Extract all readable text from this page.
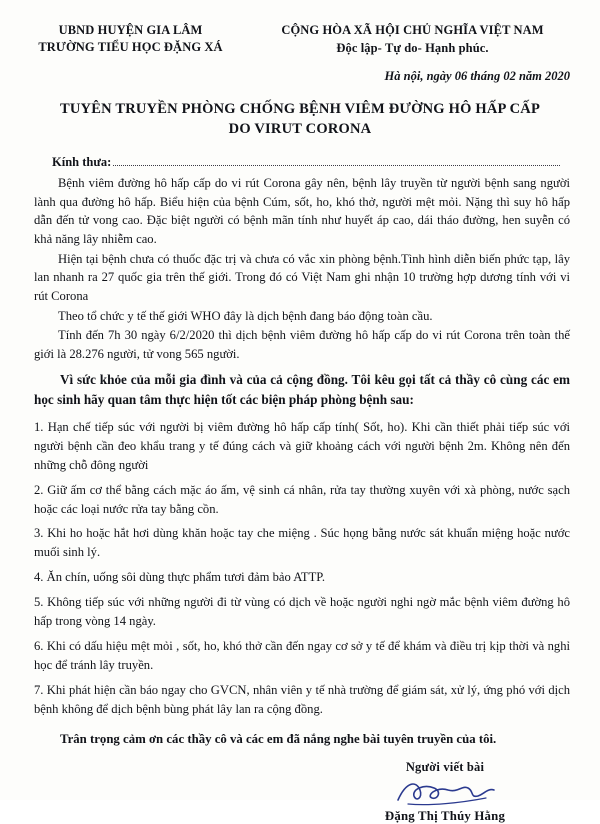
UBND HUYỆN GIA LÂM
TRƯỜNG TIỂU HỌC ĐẶNG XÁ
CỘNG HÒA XÃ HỘI CHỦ NGHĨA VIỆT NAM
Độc lập- Tự do- Hạnh phúc.
Hà nội, ngày 06 tháng 02 năm 2020
TUYÊN TRUYỀN PHÒNG CHỐNG BỆNH VIÊM ĐƯỜNG HÔ HẤP CẤP
DO VIRUT CORONA
Kính thưa:

Bệnh viêm đường hô hấp cấp do vi rút Corona gây nên, bệnh lây truyền từ người bệnh sang người lành qua đường hô hấp. Biểu hiện của bệnh Cúm, sốt, ho, khó thở, người mệt mỏi. Nặng thì suy hô hấp dẫn đến tử vong cao. Đặc biệt người có bệnh mãn tính như huyết áp cao, dái tháo đường, hen suyễn có khả năng lây nhiễm cao.

Hiện tại bệnh chưa có thuốc đặc trị và chưa có vắc xin phòng bệnh.Tình hình diễn biến phức tạp, lây lan nhanh ra 27 quốc gia trên thế giới. Trong đó có Việt Nam ghi nhận 10 trường hợp dương tính với vi rút Corona

Theo tổ chức y tế thế giới WHO đây là dịch bệnh đang báo động toàn cầu.

Tính đến 7h 30 ngày 6/2/2020 thì dịch bệnh viêm đường hô hấp cấp do vi rút Corona trên toàn thế giới là 28.276 người, tử vong 565 người.

Vì sức khỏe của mỗi gia đình và của cả cộng đồng. Tôi kêu gọi tất cả thầy cô cùng các em học sinh hãy quan tâm thực hiện tốt các biện pháp phòng bệnh sau:

1. Hạn chế tiếp súc với người bị viêm đường hô hấp cấp tính( Sốt, ho). Khi cần thiết phải tiếp súc với người bệnh cần đeo khẩu trang y tế đúng cách và giữ khoảng cách với người bệnh 2m. Không nên đến những chỗ đông người

2. Giữ ấm cơ thể bằng cách mặc áo ấm, vệ sinh cá nhân, rửa tay thường xuyên với xà phòng, nước sạch hoặc các loại nước rửa tay bằng cồn.

3. Khi ho hoặc hắt hơi dùng khăn hoặc tay che miệng . Súc họng bằng nước sát khuẩn miệng hoặc nước muối sinh lý.

4. Ăn chín, uống sôi dùng thực phẩm tươi đảm bảo ATTP.

5. Không tiếp súc với những người đi từ vùng có dịch về hoặc người nghi ngờ mắc bệnh viêm đường hô hấp trong vòng 14 ngày.

6. Khi có dấu hiệu mệt mỏi , sốt, ho, khó thở cần đến ngay cơ sở y tế để khám và điều trị kịp thời và nghỉ học để tránh lây truyền.

7. Khi phát hiện cần báo ngay cho GVCN, nhân viên y tế nhà trường để giám sát, xử lý, ứng phó với dịch bệnh không để dịch bệnh bùng phát lây lan ra cộng đồng.

Trân trọng cảm ơn các thầy cô và các em đã nắng nghe bài tuyên truyền của tôi.

Người viết bài
Đặng Thị Thúy Hằng
